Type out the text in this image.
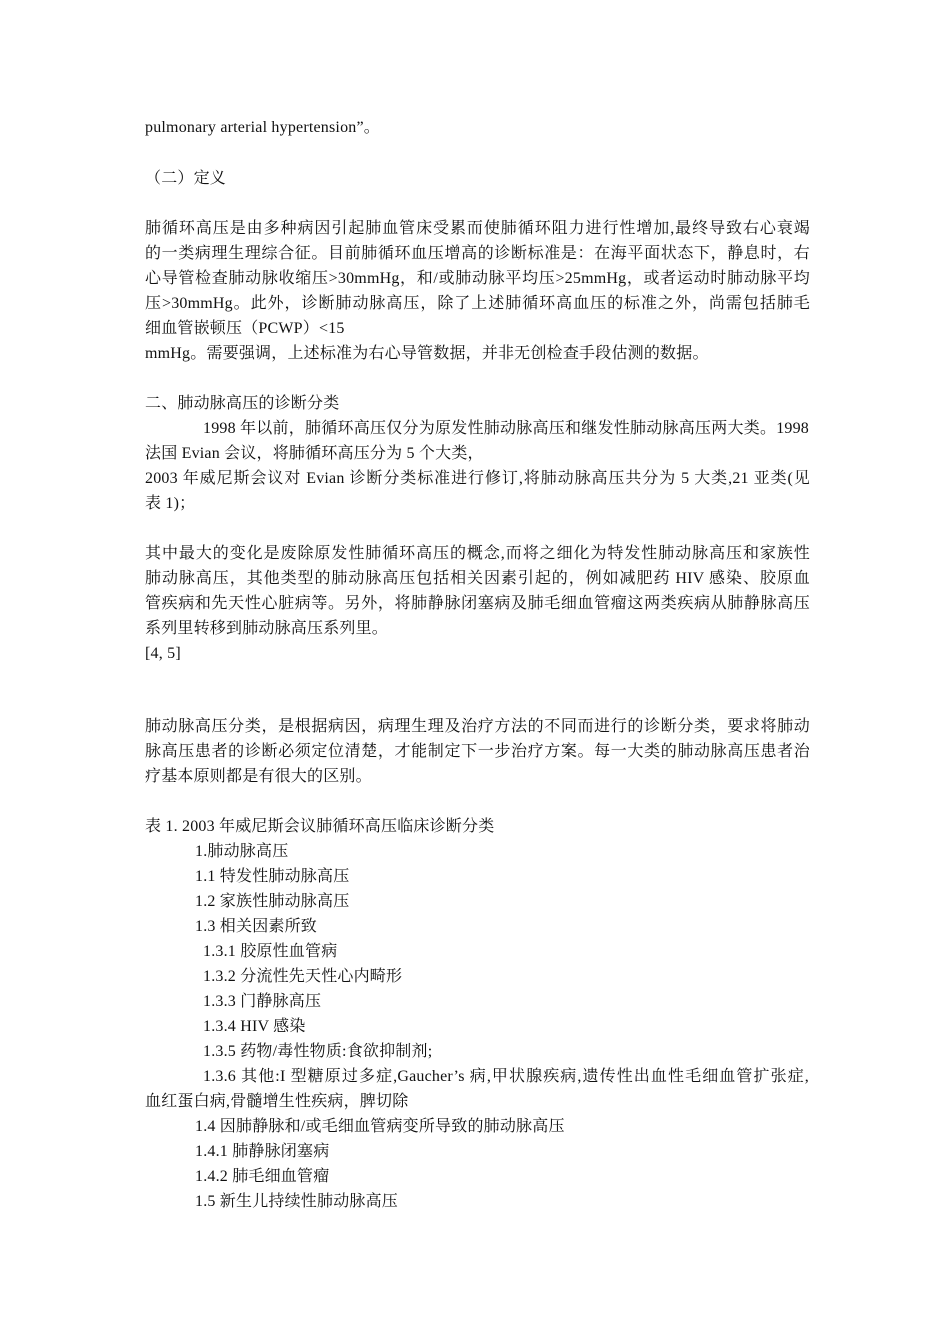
pulmonary arterial hypertension”。
（二）定义
肺循环高压是由多种病因引起肺血管床受累而使肺循环阻力进行性增加,最终导致右心衰竭
的一类病理生理综合征。目前肺循环血压增高的诊断标准是：在海平面状态下，静息时，右
心导管检查肺动脉收缩压>30mmHg，和/或肺动脉平均压>25mmHg，或者运动时肺动脉平均
压>30mmHg。此外，诊断肺动脉高压，除了上述肺循环高血压的标准之外，尚需包括肺毛
细血管嵌顿压（PCWP）<15
mmHg。需要强调，上述标准为右心导管数据，并非无创检查手段估测的数据。
二、肺动脉高压的诊断分类
1998 年以前，肺循环高压仅分为原发性肺动脉高压和继发性肺动脉高压两大类。1998
法国 Evian 会议，将肺循环高压分为 5 个大类，
2003 年威尼斯会议对 Evian 诊断分类标准进行修订,将肺动脉高压共分为 5 大类,21 亚类(见
表 1)；
其中最大的变化是废除原发性肺循环高压的概念,而将之细化为特发性肺动脉高压和家族性
肺动脉高压，其他类型的肺动脉高压包括相关因素引起的，例如减肥药 HIV 感染、胶原血
管疾病和先天性心脏病等。另外，将肺静脉闭塞病及肺毛细血管瘤这两类疾病从肺静脉高压
系列里转移到肺动脉高压系列里。
[4, 5]
肺动脉高压分类，是根据病因，病理生理及治疗方法的不同而进行的诊断分类，要求将肺动
脉高压患者的诊断必须定位清楚，才能制定下一步治疗方案。每一大类的肺动脉高压患者治
疗基本原则都是有很大的区别。
表 1. 2003 年威尼斯会议肺循环高压临床诊断分类
1.肺动脉高压
1.1 特发性肺动脉高压
1.2 家族性肺动脉高压
1.3 相关因素所致
1.3.1 胶原性血管病
1.3.2 分流性先天性心内畸形
1.3.3 门静脉高压
1.3.4 HIV 感染
1.3.5 药物/毒性物质:食欲抑制剂;
1.3.6 其他:I 型糖原过多症,Gaucher’s 病,甲状腺疾病,遗传性出血性毛细血管扩张症,
血红蛋白病,骨髓增生性疾病，脾切除
1.4 因肺静脉和/或毛细血管病变所导致的肺动脉高压
1.4.1 肺静脉闭塞病
1.4.2 肺毛细血管瘤
1.5 新生儿持续性肺动脉高压
